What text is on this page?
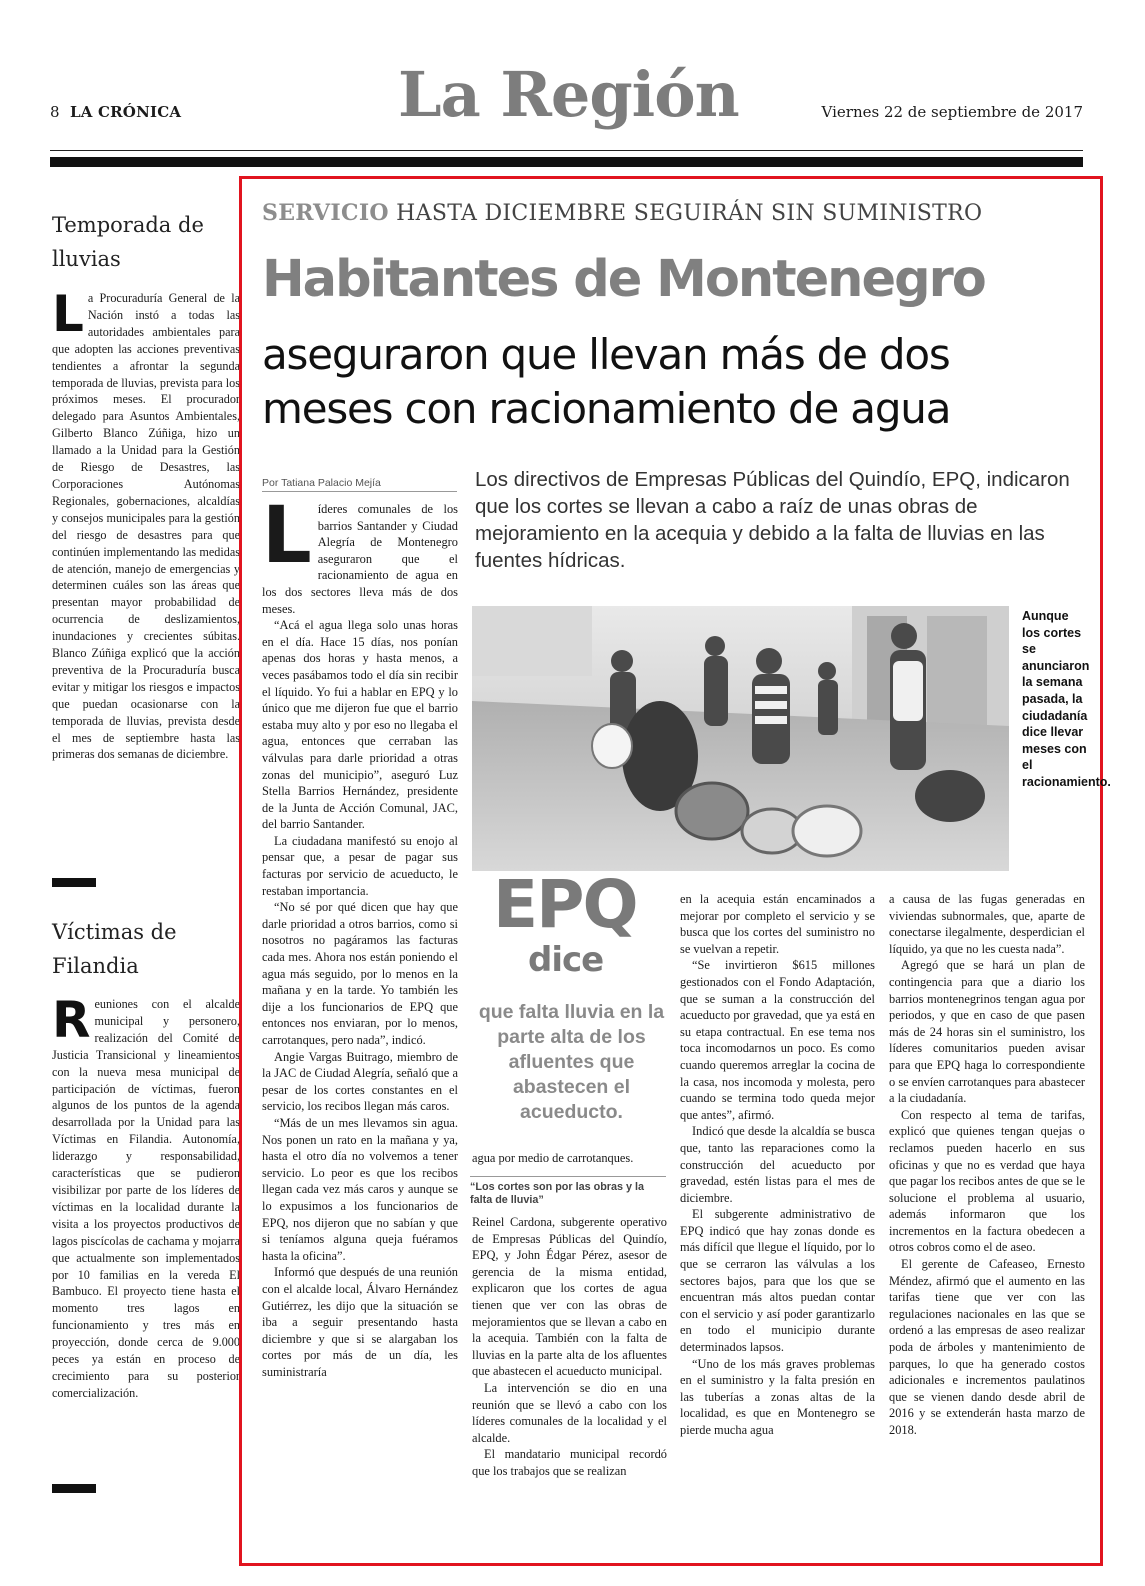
8 LA CRÓNICA	La Región	Viernes 22 de septiembre de 2017
Temporada de lluvias
La Procuraduría General de la Nación instó a todas las autoridades ambientales para que adopten las acciones preventivas tendientes a afrontar la segunda temporada de lluvias, prevista para los próximos meses. El procurador delegado para Asuntos Ambientales, Gilberto Blanco Zúñiga, hizo un llamado a la Unidad para la Gestión de Riesgo de Desastres, las Corporaciones Autónomas Regionales, gobernaciones, alcaldías y consejos municipales para la gestión del riesgo de desastres para que continúen implementando las medidas de atención, manejo de emergencias y determinen cuáles son las áreas que presentan mayor probabilidad de ocurrencia de deslizamientos, inundaciones y crecientes súbitas. Blanco Zúñiga explicó que la acción preventiva de la Procuraduría busca evitar y mitigar los riesgos e impactos que puedan ocasionarse con la temporada de lluvias, prevista desde el mes de septiembre hasta las primeras dos semanas de diciembre.
Víctimas de Filandia
Reuniones con el alcalde municipal y personero, realización del Comité de Justicia Transicional y lineamientos con la nueva mesa municipal de participación de víctimas, fueron algunos de los puntos de la agenda desarrollada por la Unidad para las Víctimas en Filandia. Autonomía, liderazgo y responsabilidad, características que se pudieron visibilizar por parte de los líderes de víctimas en la localidad durante la visita a los proyectos productivos de lagos piscícolas de cachama y mojarra que actualmente son implementados por 10 familias en la vereda El Bambuco. El proyecto tiene hasta el momento tres lagos en funcionamiento y tres más en proyección, donde cerca de 9.000 peces ya están en proceso de crecimiento para su posterior comercialización.
SERVICIO HASTA DICIEMBRE SEGUIRÁN SIN SUMINISTRO
Habitantes de Montenegro
aseguraron que llevan más de dos meses con racionamiento de agua
Por Tatiana Palacio Mejía	Los directivos de Empresas Públicas del Quindío, EPQ, indicaron que los cortes se llevan a cabo a raíz de unas obras de mejoramiento en la acequia y debido a la falta de lluvias en las fuentes hídricas.

Líderes comunales de los barrios Santander y Ciudad Alegría de Montenegro aseguraron que el racionamiento de agua en los dos sectores lleva más de dos meses.

“Acá el agua llega solo unas horas en el día. Hace 15 días, nos ponían apenas dos horas y hasta menos, a veces pasábamos todo el día sin recibir el líquido. Yo fui a hablar en EPQ y lo único que me dijeron fue que el barrio estaba muy alto y por eso no llegaba el agua, entonces que cerraban las válvulas para darle prioridad a otras zonas del municipio”, aseguró Luz Stella Barrios Hernández, presidente de la Junta de Acción Comunal, JAC, del barrio Santander.

La ciudadana manifestó su enojo al pensar que, a pesar de pagar sus facturas por servicio de acueducto, le restaban importancia.

“No sé por qué dicen que hay que darle prioridad a otros barrios, como si nosotros no pagáramos las facturas cada mes. Ahora nos están poniendo el agua más seguido, por lo menos en la mañana y en la tarde. Yo también les dije a los funcionarios de EPQ que entonces nos enviaran, por lo menos, carrotanques, pero nada”, indicó.

Angie Vargas Buitrago, miembro de la JAC de Ciudad Alegría, señaló que a pesar de los cortes constantes en el servicio, los recibos llegan más caros.

“Más de un mes llevamos sin agua. Nos ponen un rato en la mañana y ya, hasta el otro día no volvemos a tener servicio. Lo peor es que los recibos llegan cada vez más caros y aunque se lo expusimos a los funcionarios de EPQ, nos dijeron que no sabían y que si teníamos alguna queja fuéramos hasta la oficina”.

Informó que después de una reunión con el alcalde local, Álvaro Hernández Gutiérrez, les dijo que la situación se iba a seguir presentando hasta diciembre y que si se alargaban los cortes por más de un día, les suministraría

Aunque los cortes se anunciaron la semana pasada, la ciudadanía dice llevar meses con el racionamiento.
EPQ
dice
que falta lluvia en la parte alta de los afluentes que abastecen el acueducto.

agua por medio de carrotanques.

“Los cortes son por las obras y la falta de lluvia”

Reinel Cardona, subgerente operativo de Empresas Públicas del Quindío, EPQ, y John Édgar Pérez, asesor de gerencia de la misma entidad, explicaron que los cortes de agua tienen que ver con las obras de mejoramientos que se llevan a cabo en la acequia. También con la falta de lluvias en la parte alta de los afluentes que abastecen el acueducto municipal.

La intervención se dio en una reunión que se llevó a cabo con los líderes comunales de la localidad y el alcalde.

El mandatario municipal recordó que los trabajos que se realizan

en la acequia están encaminados a mejorar por completo el servicio y se busca que los cortes del suministro no se vuelvan a repetir.

“Se invirtieron $615 millones gestionados con el Fondo Adaptación, que se suman a la construcción del acueducto por gravedad, que ya está en su etapa contractual. En ese tema nos toca incomodarnos un poco. Es como cuando queremos arreglar la cocina de la casa, nos incomoda y molesta, pero cuando se termina todo queda mejor que antes”, afirmó.

Indicó que desde la alcaldía se busca que, tanto las reparaciones como la construcción del acueducto por gravedad, estén listas para el mes de diciembre.

El subgerente administrativo de EPQ indicó que hay zonas donde es más difícil que llegue el líquido, por lo que se cerraron las válvulas a los sectores bajos, para que los que se encuentran más altos puedan contar con el servicio y así poder garantizarlo en todo el municipio durante determinados lapsos.

“Uno de los más graves problemas en el suministro y la falta presión en las tuberías a zonas altas de la localidad, es que en Montenegro se pierde mucha agua

a causa de las fugas generadas en viviendas subnormales, que, aparte de conectarse ilegalmente, desperdician el líquido, ya que no les cuesta nada”.

Agregó que se hará un plan de contingencia para que a diario los barrios montenegrinos tengan agua por periodos, y que en caso de que pasen más de 24 horas sin el suministro, los líderes comunitarios pueden avisar para que EPQ haga lo correspondiente o se envíen carrotanques para abastecer a la ciudadanía.

Con respecto al tema de tarifas, explicó que quienes tengan quejas o reclamos pueden hacerlo en sus oficinas y que no es verdad que haya que pagar los recibos antes de que se le solucione el problema al usuario, además informaron que los incrementos en la factura obedecen a otros cobros como el de aseo.

El gerente de Cafeaseo, Ernesto Méndez, afirmó que el aumento en las tarifas tiene que ver con las regulaciones nacionales en las que se ordenó a las empresas de aseo realizar poda de árboles y mantenimiento de parques, lo que ha generado costos adicionales e incrementos paulatinos que se vienen dando desde abril de 2016 y se extenderán hasta marzo de 2018.
